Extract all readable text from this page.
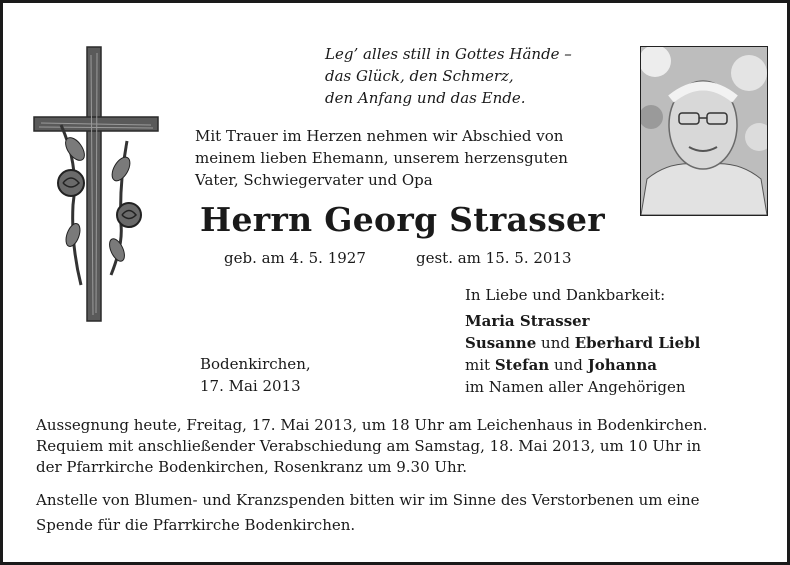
Leg’ alles still in Gottes Hände –
das Glück, den Schmerz,
den Anfang und das Ende.
Mit Trauer im Herzen nehmen wir Abschied von
meinem lieben Ehemann, unserem herzensguten
Vater, Schwiegervater und Opa
Herrn Georg Strasser
geb. am 4. 5. 1927	gest. am 15. 5. 2013
In Liebe und Dankbarkeit:
Maria Strasser
Susanne und Eberhard Liebl
mit Stefan und Johanna
im Namen aller Angehörigen
Bodenkirchen,
17. Mai 2013
Aussegnung heute, Freitag, 17. Mai 2013, um 18 Uhr am Leichenhaus in Bodenkirchen.
Requiem mit anschließender Verabschiedung am Samstag, 18. Mai 2013, um 10 Uhr in
der Pfarrkirche Bodenkirchen, Rosenkranz um 9.30 Uhr.
Anstelle von Blumen- und Kranzspenden bitten wir im Sinne des Verstorbenen um eine
Spende für die Pfarrkirche Bodenkirchen.
